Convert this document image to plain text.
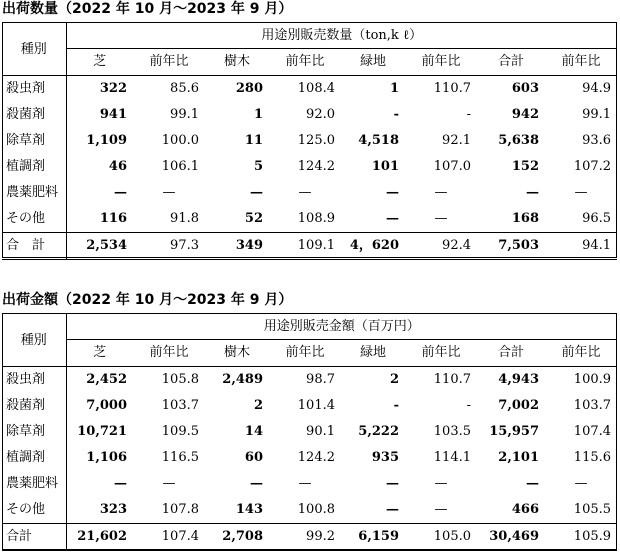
出荷数量（2022 年 10 月〜2023 年 9 月）
種別	用途別販売数量（ton,k ℓ）							
	芝	前年比	樹木	前年比	緑地	前年比	合計	前年比
殺虫剤	322	85.6	280	108.4	1	110.7	603	94.9
殺菌剤	941	99.1	1	92.0	-	-	942	99.1
除草剤	1,109	100.0	11	125.0	4,518	92.1	5,638	93.6
植調剤	46	106.1	5	124.2	101	107.0	152	107.2
農薬肥料	—	—	—	—	—	—	—	—
その他	116	91.8	52	108.9	—	—	168	96.5
合　計	2,534	97.3	349	109.1	4，620	92.4	7,503	94.1
出荷金額（2022 年 10 月〜2023 年 9 月）
種別	用途別販売金額（百万円）							
	芝	前年比	樹木	前年比	緑地	前年比	合計	前年比
殺虫剤	2,452	105.8	2,489	98.7	2	110.7	4,943	100.9
殺菌剤	7,000	103.7	2	101.4	-	-	7,002	103.7
除草剤	10,721	109.5	14	90.1	5,222	103.5	15,957	107.4
植調剤	1,106	116.5	60	124.2	935	114.1	2,101	115.6
農薬肥料	—	—	—	—	—	—	—	—
その他	323	107.8	143	100.8	—	—	466	105.5
合計	21,602	107.4	2,708	99.2	6,159	105.0	30,469	105.9
